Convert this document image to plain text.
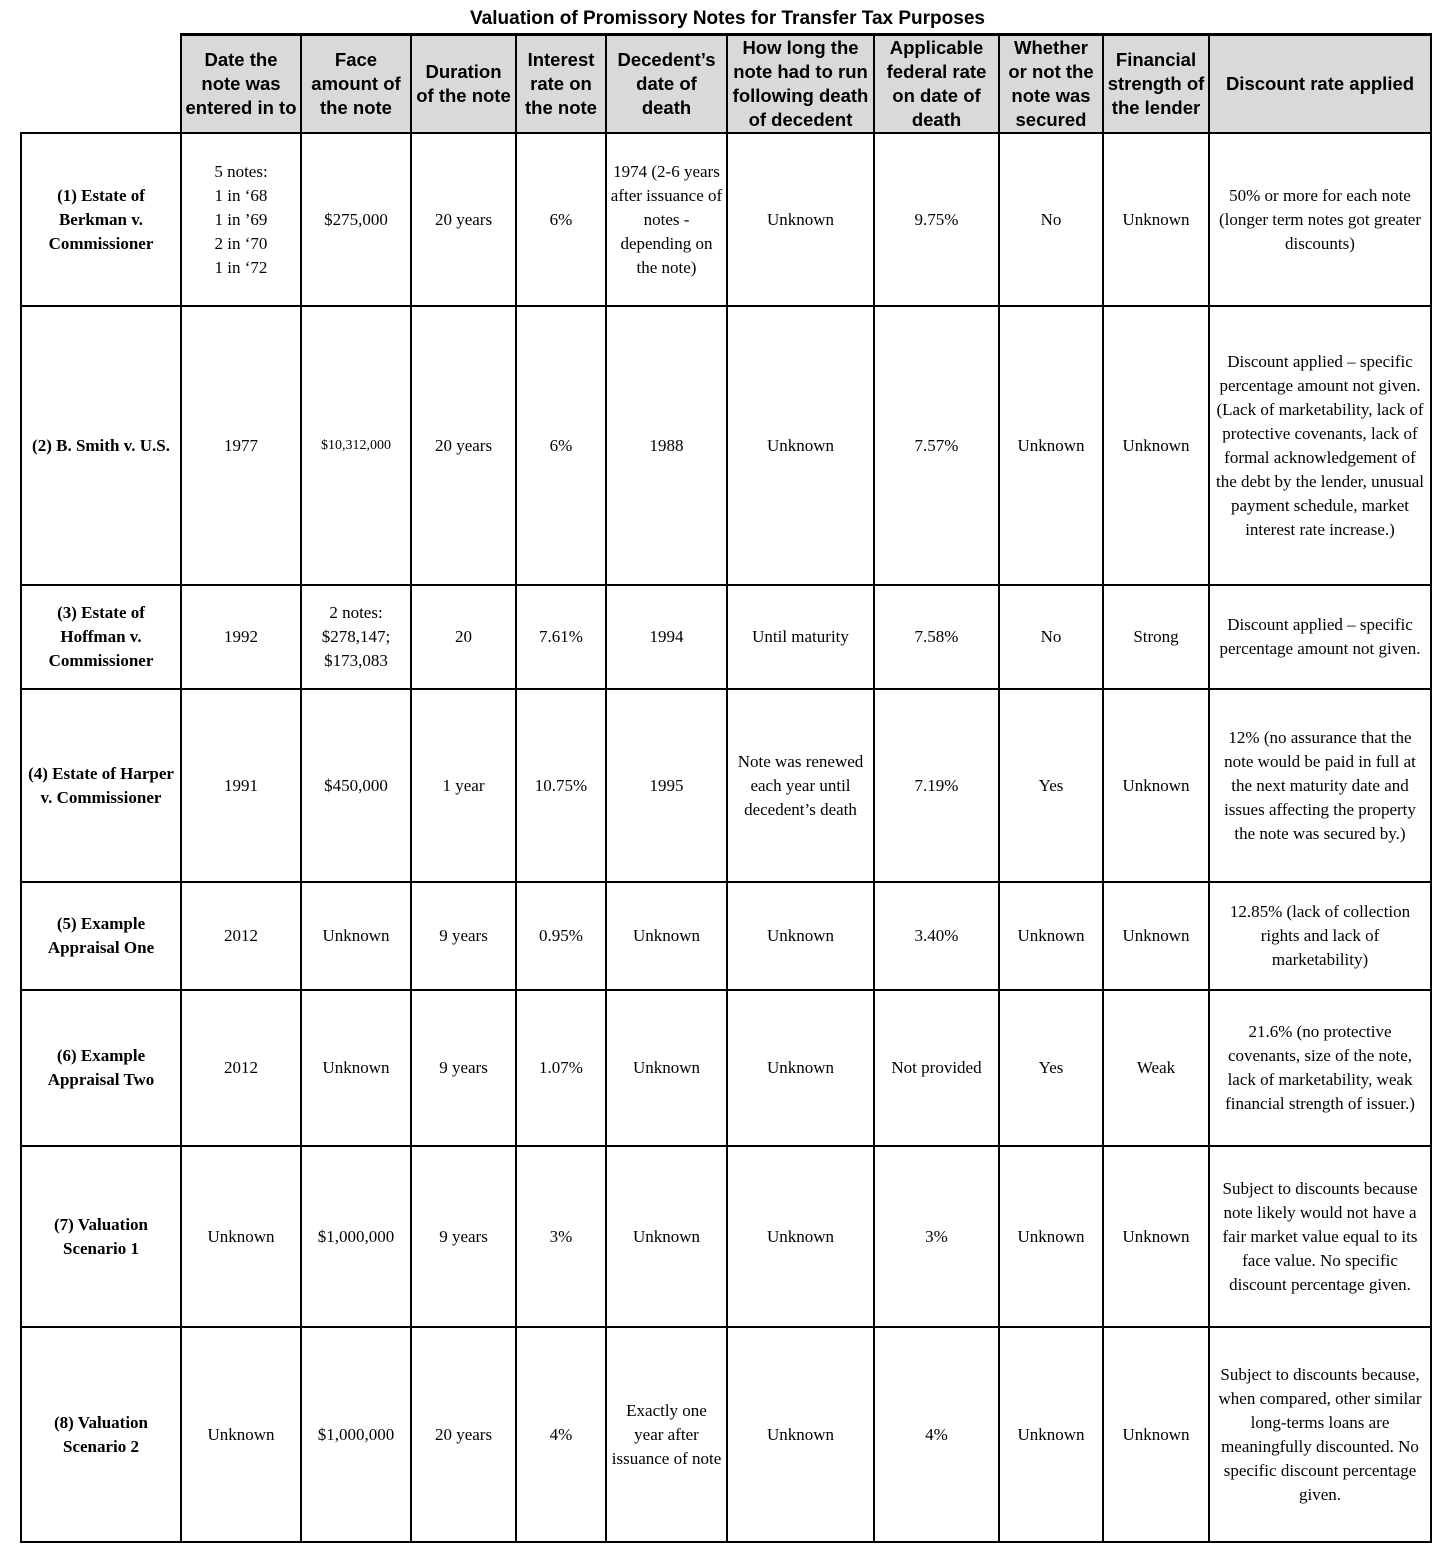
Valuation of Promissory Notes for Transfer Tax Purposes
	Date the note was entered in to	Face amount of the note	Duration of the note	Interest rate on the note	Decedent’s date of death	How long the note had to run following death of decedent	Applicable federal rate on date of death	Whether or not the note was secured	Financial strength of the lender	Discount rate applied
(1) Estate of Berkman v. Commissioner	5 notes:
1 in ‘68
1 in ’69
2 in ‘70
1 in ‘72	$275,000	20 years	6%	1974 (2-6 years after issuance of notes - depending on the note)	Unknown	9.75%	No	Unknown	50% or more for each note (longer term notes got greater discounts)
(2) B. Smith v. U.S.	1977	$10,312,000	20 years	6%	1988	Unknown	7.57%	Unknown	Unknown	Discount applied – specific percentage amount not given. (Lack of marketability, lack of protective covenants, lack of formal acknowledgement of the debt by the lender, unusual payment schedule, market interest rate increase.)
(3) Estate of Hoffman v. Commissioner	1992	2 notes:
$278,147;
$173,083	20	7.61%	1994	Until maturity	7.58%	No	Strong	Discount applied – specific percentage amount not given.
(4) Estate of Harper v. Commissioner	1991	$450,000	1 year	10.75%	1995	Note was renewed each year until decedent’s death	7.19%	Yes	Unknown	12% (no assurance that the note would be paid in full at the next maturity date and issues affecting the property the note was secured by.)
(5) Example Appraisal One	2012	Unknown	9 years	0.95%	Unknown	Unknown	3.40%	Unknown	Unknown	12.85% (lack of collection rights and lack of marketability)
(6) Example Appraisal Two	2012	Unknown	9 years	1.07%	Unknown	Unknown	Not provided	Yes	Weak	21.6% (no protective covenants, size of the note, lack of marketability, weak financial strength of issuer.)
(7) Valuation Scenario 1	Unknown	$1,000,000	9 years	3%	Unknown	Unknown	3%	Unknown	Unknown	Subject to discounts because note likely would not have a fair market value equal to its face value. No specific discount percentage given.
(8) Valuation Scenario 2	Unknown	$1,000,000	20 years	4%	Exactly one year after issuance of note	Unknown	4%	Unknown	Unknown	Subject to discounts because, when compared, other similar long-terms loans are meaningfully discounted. No specific discount percentage given.
